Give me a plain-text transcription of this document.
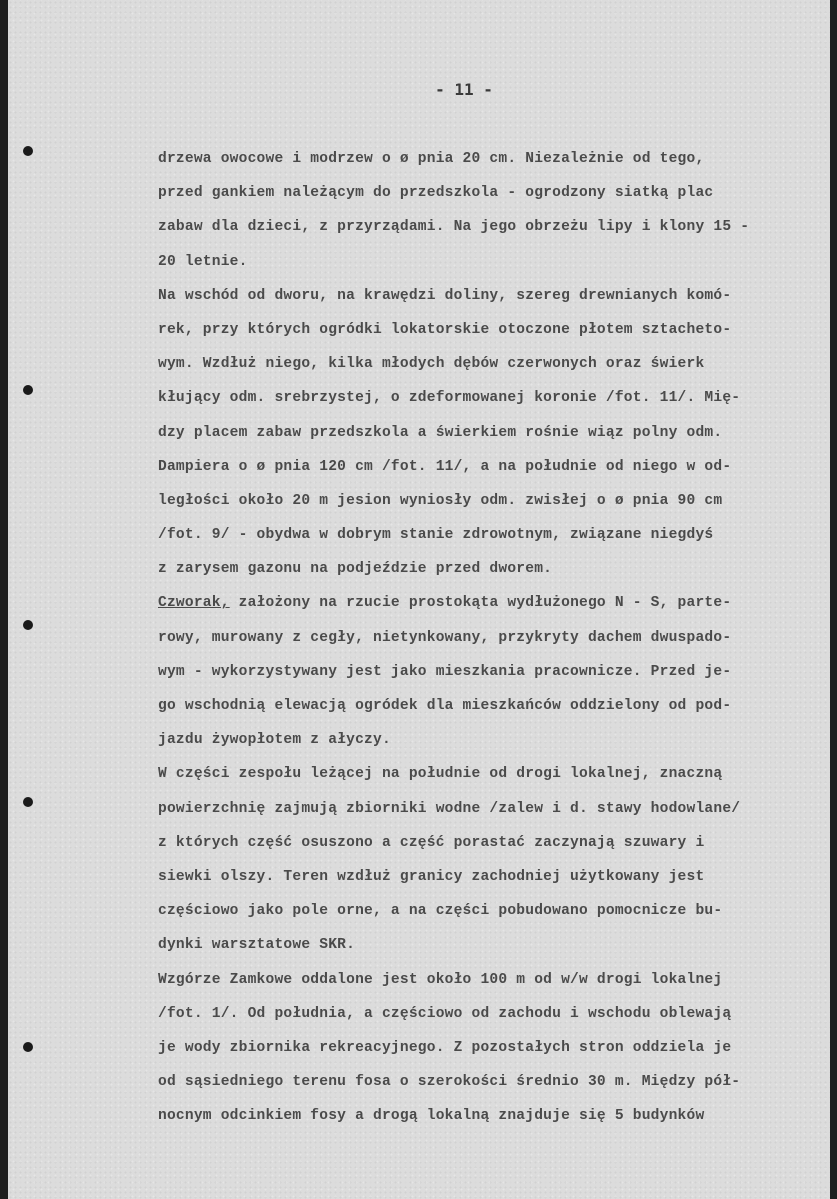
- 11 -
drzewa owocowe i modrzew o ø pnia 20 cm. Niezależnie od tego,
przed gankiem należącym do przedszkola - ogrodzony siatką plac
zabaw dla dzieci, z przyrządami. Na jego obrzeżu lipy i klony 15 -
20 letnie.
Na wschód od dworu, na krawędzi doliny, szereg drewnianych komó-
rek, przy których ogródki lokatorskie otoczone płotem sztacheto-
wym. Wzdłuż niego, kilka młodych dębów czerwonych oraz świerk
kłujący odm. srebrzystej, o zdeformowanej koronie /fot. 11/. Mię-
dzy placem zabaw przedszkola a świerkiem rośnie wiąz polny odm.
Dampiera o ø pnia 120 cm /fot. 11/, a na południe od niego w od-
ległości około 20 m jesion wyniosły odm. zwisłej o ø pnia 90 cm
/fot. 9/ - obydwa w dobrym stanie zdrowotnym, związane niegdyś
z zarysem gazonu na podjeździe przed dworem.
Czworak, założony na rzucie prostokąta wydłużonego N - S, parte-
rowy, murowany z cegły, nietynkowany, przykryty dachem dwuspado-
wym - wykorzystywany jest jako mieszkania pracownicze. Przed je-
go wschodnią elewacją ogródek dla mieszkańców oddzielony od pod-
jazdu żywopłotem z ałyczy.
W części zespołu leżącej na południe od drogi lokalnej, znaczną
powierzchnię zajmują zbiorniki wodne /zalew i d. stawy hodowlane/
z których część osuszono a część porastać zaczynają szuwary i
siewki olszy. Teren wzdłuż granicy zachodniej użytkowany jest
częściowo jako pole orne, a na części pobudowano pomocnicze bu-
dynki warsztatowe SKR.
Wzgórze Zamkowe oddalone jest około 100 m od w/w drogi lokalnej
/fot. 1/. Od południa, a częściowo od zachodu i wschodu oblewają
je wody zbiornika rekreacyjnego. Z pozostałych stron oddziela je
od sąsiedniego terenu fosa o szerokości średnio 30 m. Między pół-
nocnym odcinkiem fosy a drogą lokalną znajduje się 5 budynków
